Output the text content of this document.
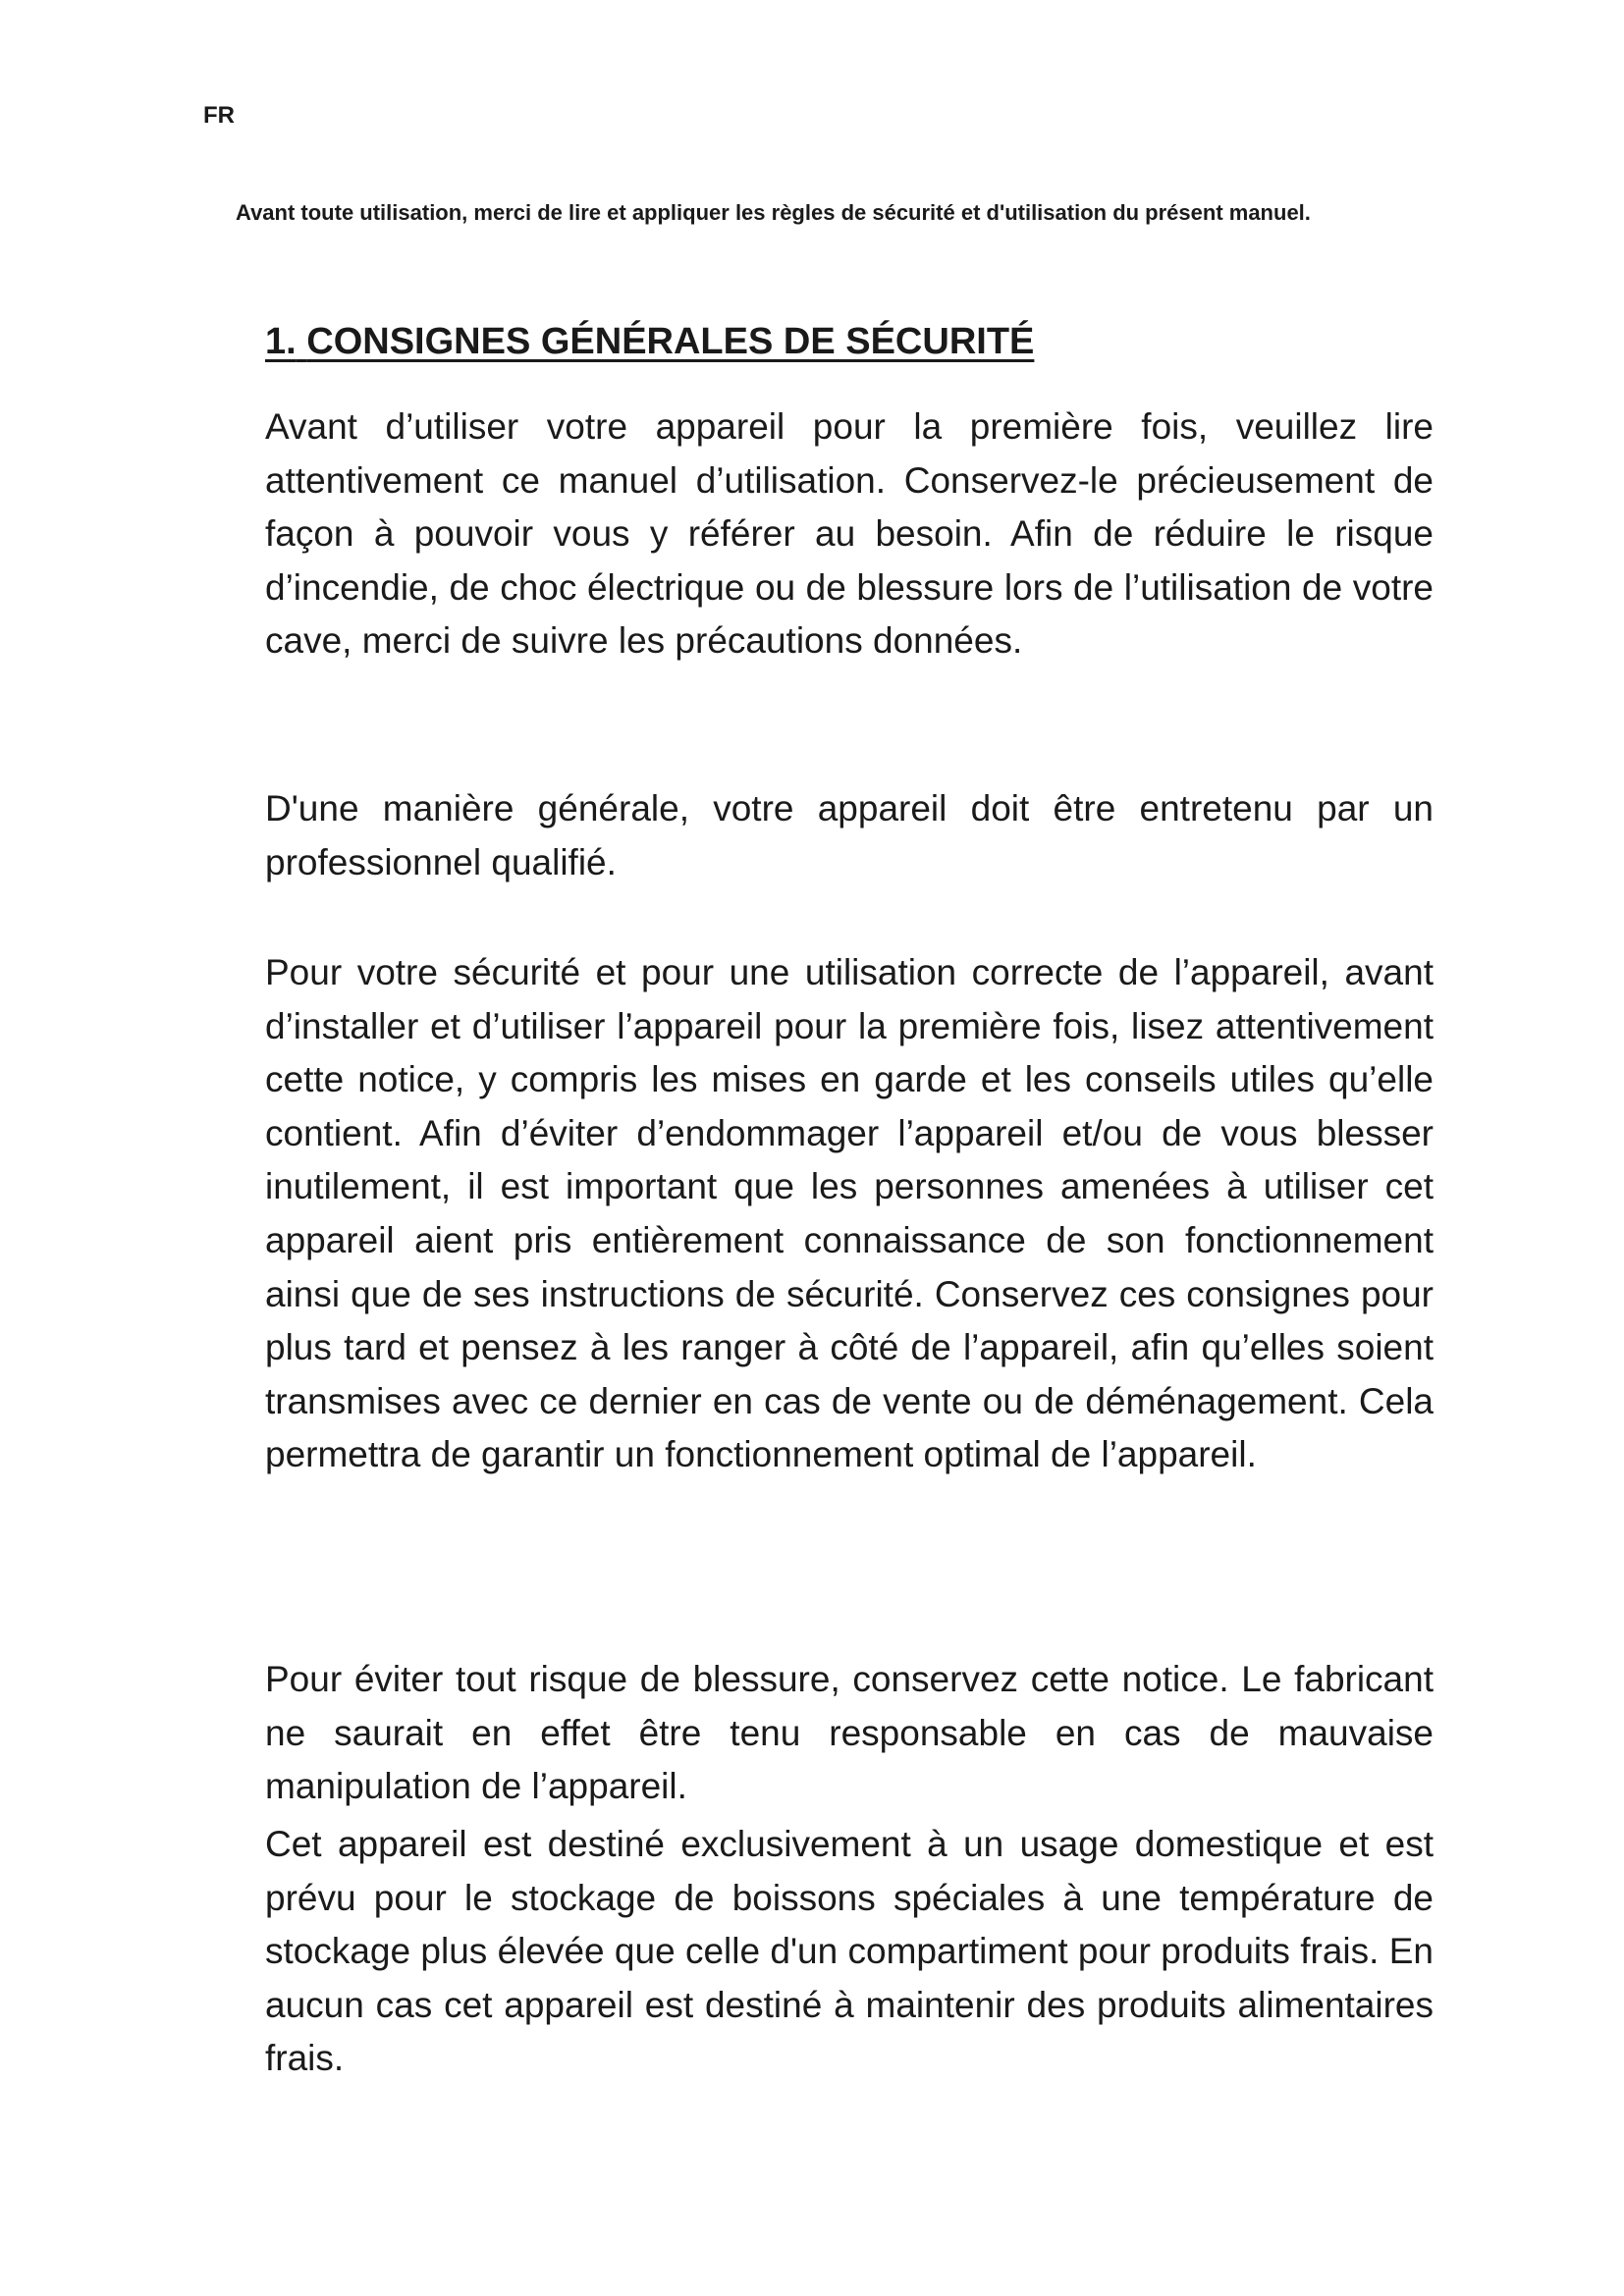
FR

Avant toute utilisation, merci de lire et appliquer les règles de sécurité et d'utilisation du présent manuel.

1. CONSIGNES GÉNÉRALES DE SÉCURITÉ

Avant d’utiliser votre appareil pour la première fois, veuillez lire attentivement ce manuel d’utilisation. Conservez-le précieusement de façon à pouvoir vous y référer au besoin. Afin de réduire le risque d’incendie, de choc électrique ou de blessure lors de l’utilisation de votre cave, merci de suivre les précautions données.

D'une manière générale, votre appareil doit être entretenu par un professionnel qualifié.

Pour votre sécurité et pour une utilisation correcte de l’appareil, avant d’installer et d’utiliser l’appareil pour la première fois, lisez attentivement cette notice, y compris les mises en garde et les conseils utiles qu’elle contient. Afin d’éviter d’endommager l’appareil et/ou de vous blesser inutilement, il est important que les personnes amenées à utiliser cet appareil aient pris entièrement connaissance de son fonctionnement ainsi que de ses instructions de sécurité. Conservez ces consignes pour plus tard et pensez à les ranger à côté de l’appareil, afin qu’elles soient transmises avec ce dernier en cas de vente ou de déménagement. Cela permettra de garantir un fonctionnement optimal de l’appareil.

Pour éviter tout risque de blessure, conservez cette notice. Le fabricant ne saurait en effet être tenu responsable en cas de mauvaise manipulation de l’appareil.

Cet appareil est destiné exclusivement à un usage domestique et est prévu pour le stockage de boissons spéciales à une température de stockage plus élevée que celle d'un compartiment pour produits frais. En aucun cas cet appareil est destiné à maintenir des produits alimentaires frais.
